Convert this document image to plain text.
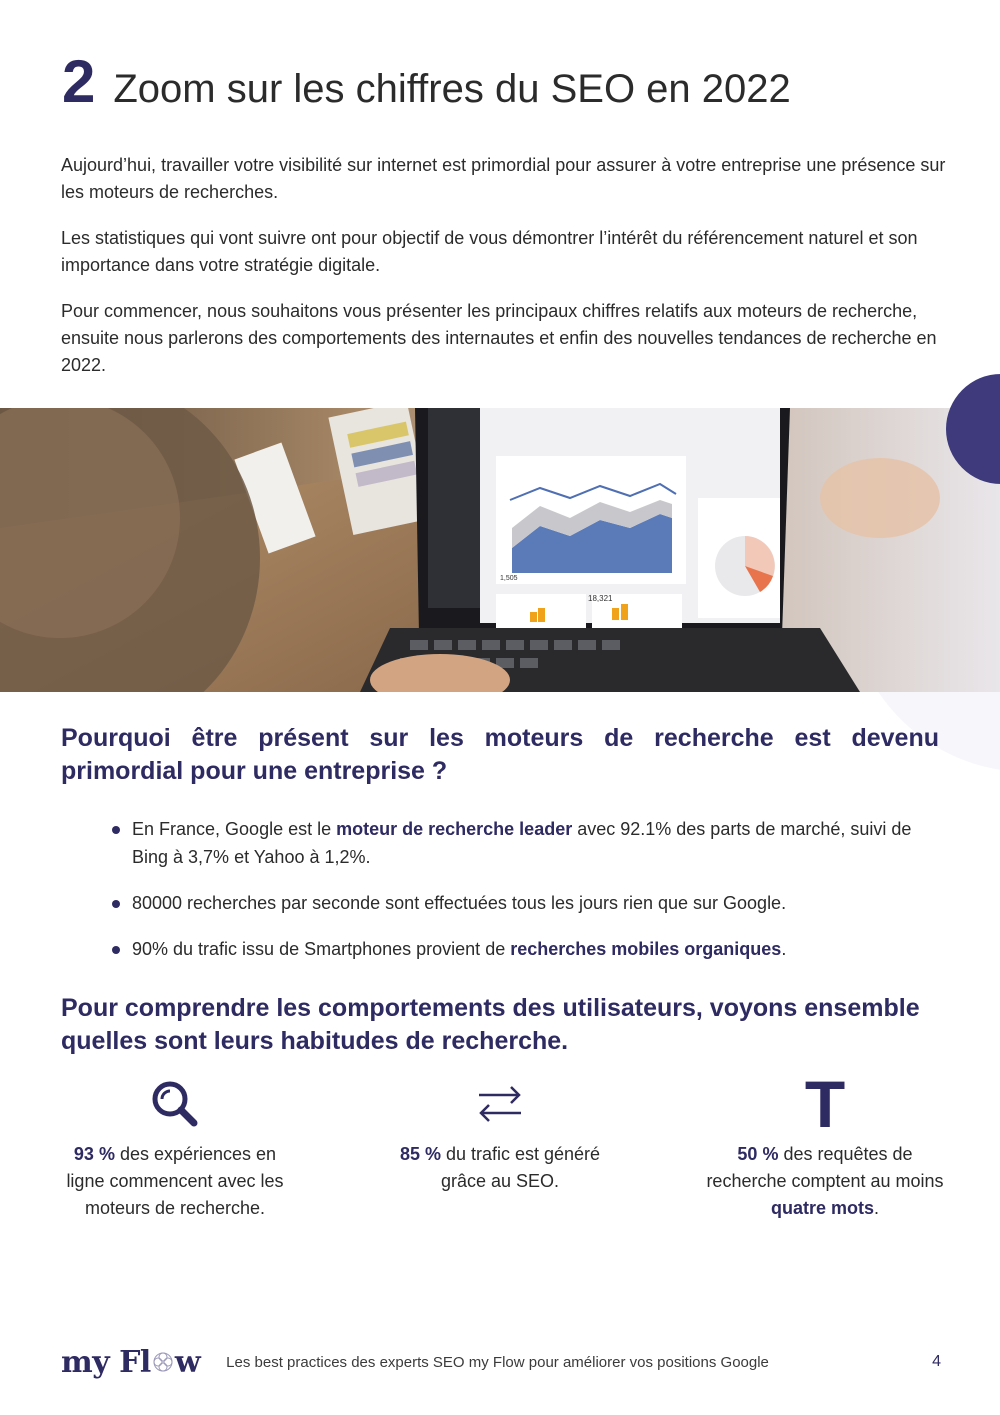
2 Zoom sur les chiffres du SEO en 2022

Aujourd’hui, travailler votre visibilité sur internet est primordial pour assurer à votre entreprise une présence sur les moteurs de recherches.

Les statistiques qui vont suivre ont pour objectif de vous démontrer l’intérêt du référencement naturel et son importance dans votre stratégie digitale.

Pour commencer, nous souhaitons vous présenter les principaux chiffres relatifs aux moteurs de recherche, ensuite nous parlerons des comportements des internautes et enfin des nouvelles tendances de recherche en 2022.

1,505
18,321
Pourquoi être présent sur les moteurs de recherche est devenu primordial pour une entreprise ?
En France, Google est le moteur de recherche leader avec 92.1% des parts de marché, suivi de Bing à 3,7% et Yahoo à 1,2%.
80000 recherches par seconde sont effectuées tous les jours rien que sur Google.
90% du trafic issu de Smartphones provient de recherches mobiles organiques.
Pour comprendre les comportements des utilisateurs, voyons ensemble quelles sont leurs habitudes de recherche.
93 % des expériences en ligne commencent avec les moteurs de recherche.
85 % du trafic est généré grâce au SEO.
T
50 % des requêtes de recherche comptent au moins quatre mots.
my Fl w Les best practices des experts SEO my Flow pour améliorer vos positions Google	4
